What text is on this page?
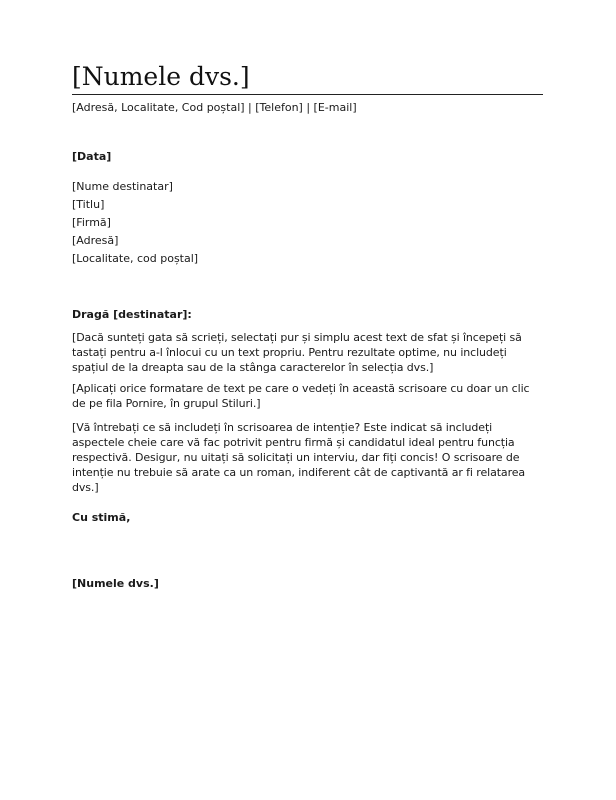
[Numele dvs.]
[Adresă, Localitate, Cod poștal] | [Telefon] | [E-mail]
[Data]
[Nume destinatar]
[Titlu]
[Firmă]
[Adresă]
[Localitate, cod poștal]
Dragă [destinatar]:

[Dacă sunteți gata să scrieți, selectați pur și simplu acest text de sfat și începeți să tastați pentru a-l înlocui cu un text propriu. Pentru rezultate optime, nu includeți spațiul de la dreapta sau de la stânga caracterelor în selecția dvs.]

[Aplicați orice formatare de text pe care o vedeți în această scrisoare cu doar un clic de pe fila Pornire, în grupul Stiluri.]

[Vă întrebați ce să includeți în scrisoarea de intenție? Este indicat să includeți aspectele cheie care vă fac potrivit pentru firmă și candidatul ideal pentru funcția respectivă. Desigur, nu uitați să solicitați un interviu, dar fiți concis! O scrisoare de intenție nu trebuie să arate ca un roman, indiferent cât de captivantă ar fi relatarea dvs.]

Cu stimă,
[Numele dvs.]
